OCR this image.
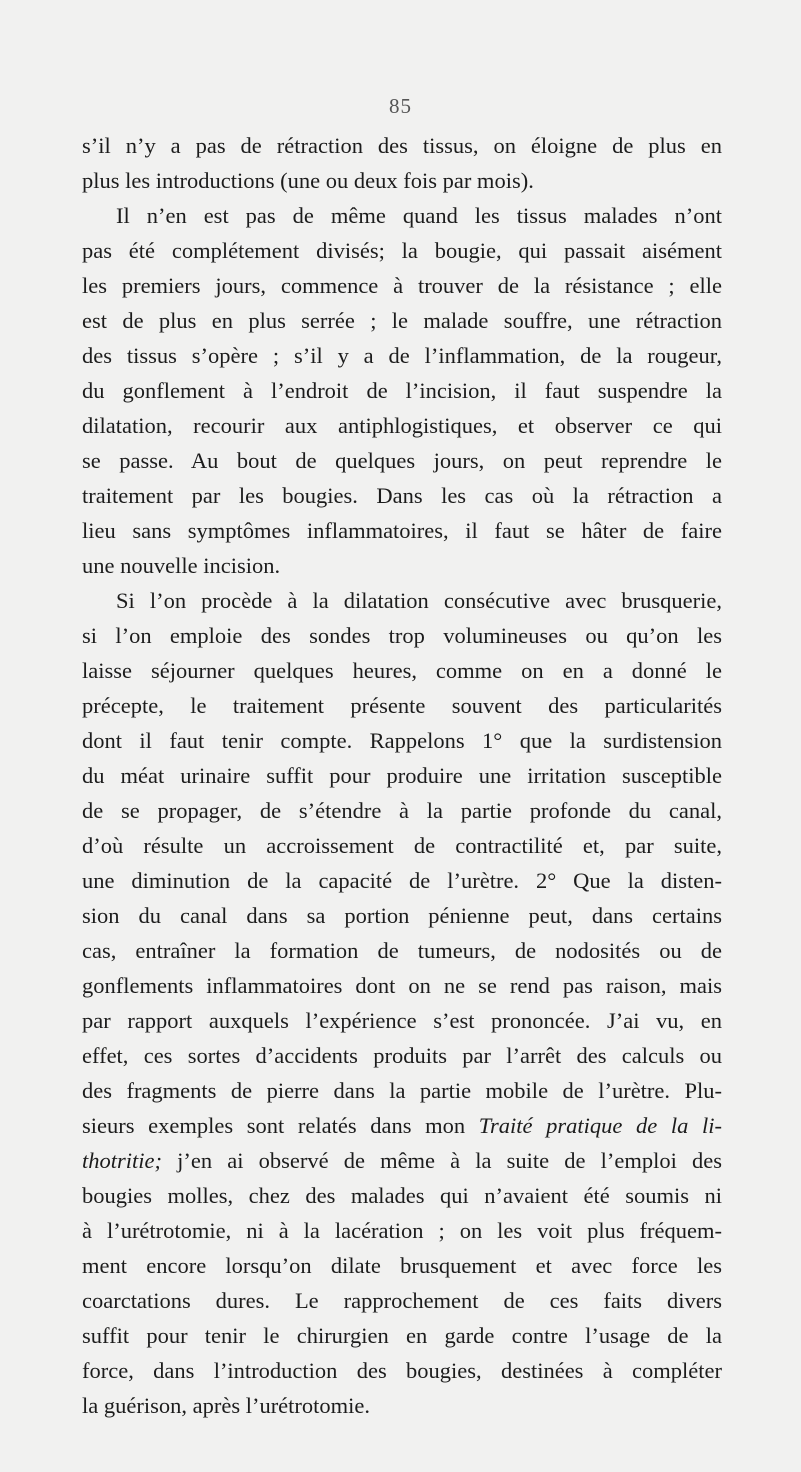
85
s’il n’y a pas de rétraction des tissus, on éloigne de plus en
plus les introductions (une ou deux fois par mois).
Il n’en est pas de même quand les tissus malades n’ont
pas été complétement divisés; la bougie, qui passait aisément
les premiers jours, commence à trouver de la résistance ; elle
est de plus en plus serrée ; le malade souffre, une rétraction
des tissus s’opère ; s’il y a de l’inflammation, de la rougeur,
du gonflement à l’endroit de l’incision, il faut suspendre la
dilatation, recourir aux antiphlogistiques, et observer ce qui
se passe. Au bout de quelques jours, on peut reprendre le
traitement par les bougies. Dans les cas où la rétraction a
lieu sans symptômes inflammatoires, il faut se hâter de faire
une nouvelle incision.
Si l’on procède à la dilatation consécutive avec brusquerie,
si l’on emploie des sondes trop volumineuses ou qu’on les
laisse séjourner quelques heures, comme on en a donné le
précepte, le traitement présente souvent des particularités
dont il faut tenir compte. Rappelons 1° que la surdistension
du méat urinaire suffit pour produire une irritation susceptible
de se propager, de s’étendre à la partie profonde du canal,
d’où résulte un accroissement de contractilité et, par suite,
une diminution de la capacité de l’urètre. 2° Que la disten-
sion du canal dans sa portion pénienne peut, dans certains
cas, entraîner la formation de tumeurs, de nodosités ou de
gonflements inflammatoires dont on ne se rend pas raison, mais
par rapport auxquels l’expérience s’est prononcée. J’ai vu, en
effet, ces sortes d’accidents produits par l’arrêt des calculs ou
des fragments de pierre dans la partie mobile de l’urètre. Plu-
sieurs exemples sont relatés dans mon Traité pratique de la li-
thotritie; j’en ai observé de même à la suite de l’emploi des
bougies molles, chez des malades qui n’avaient été soumis ni
à l’urétrotomie, ni à la lacération ; on les voit plus fréquem-
ment encore lorsqu’on dilate brusquement et avec force les
coarctations dures. Le rapprochement de ces faits divers
suffit pour tenir le chirurgien en garde contre l’usage de la
force, dans l’introduction des bougies, destinées à compléter
la guérison, après l’urétrotomie.
